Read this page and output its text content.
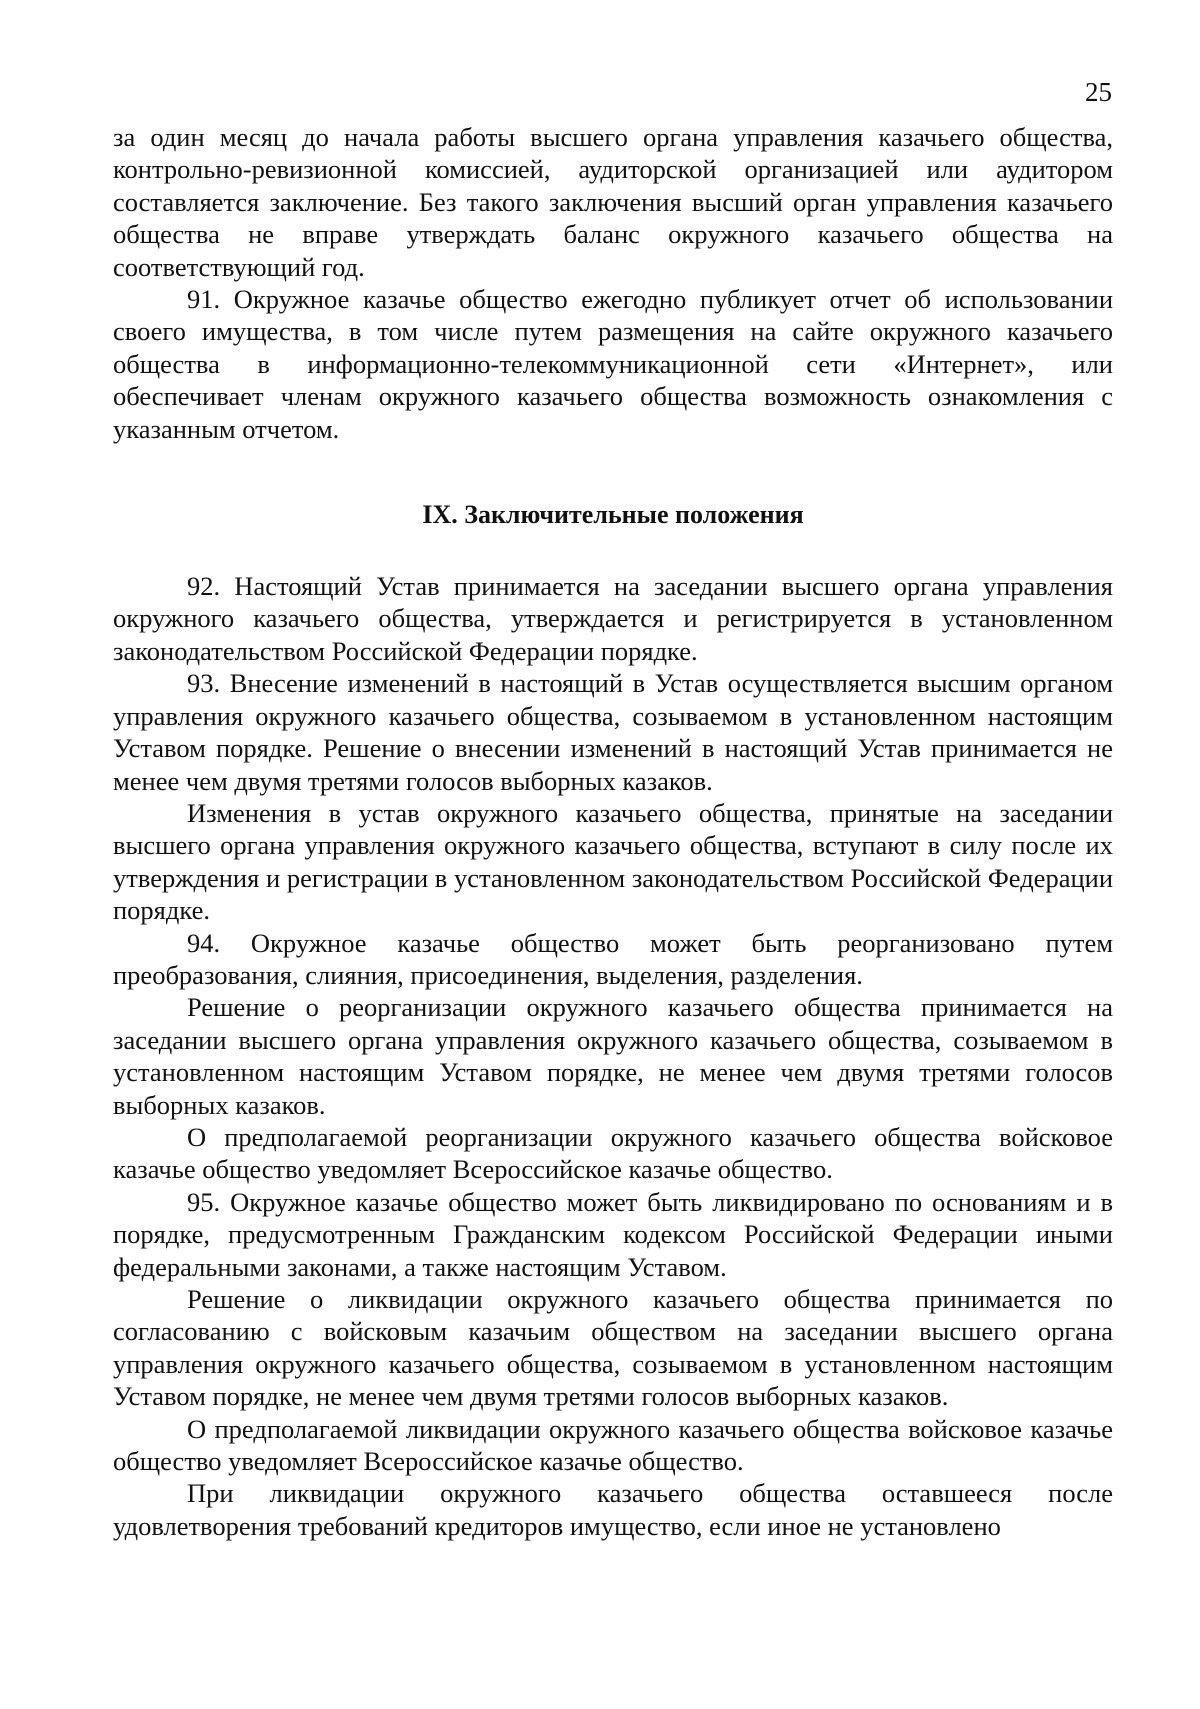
25

за один месяц до начала работы высшего органа управления казачьего общества, контрольно-ревизионной комиссией, аудиторской организацией или аудитором составляется заключение. Без такого заключения высший орган управления казачьего общества не вправе утверждать баланс окружного казачьего общества на соответствующий год.

91. Окружное казачье общество ежегодно публикует отчет об использовании своего имущества, в том числе путем размещения на сайте окружного казачьего общества в информационно-телекоммуникационной сети «Интернет», или обеспечивает членам окружного казачьего общества возможность ознакомления с указанным отчетом.

IX. Заключительные положения

92. Настоящий Устав принимается на заседании высшего органа управления окружного казачьего общества, утверждается и регистрируется в установленном законодательством Российской Федерации порядке.

93. Внесение изменений в настоящий в Устав осуществляется высшим органом управления окружного казачьего общества, созываемом в установленном настоящим Уставом порядке. Решение о внесении изменений в настоящий Устав принимается не менее чем двумя третями голосов выборных казаков.

Изменения в устав окружного казачьего общества, принятые на заседании высшего органа управления окружного казачьего общества, вступают в силу после их утверждения и регистрации в установленном законодательством Российской Федерации порядке.

94. Окружное казачье общество может быть реорганизовано путем преобразования, слияния, присоединения, выделения, разделения.

Решение о реорганизации окружного казачьего общества принимается на заседании высшего органа управления окружного казачьего общества, созываемом в установленном настоящим Уставом порядке, не менее чем двумя третями голосов выборных казаков.

О предполагаемой реорганизации окружного казачьего общества войсковое казачье общество уведомляет Всероссийское казачье общество.

95. Окружное казачье общество может быть ликвидировано по основаниям и в порядке, предусмотренным Гражданским кодексом Российской Федерации иными федеральными законами, а также настоящим Уставом.

Решение о ликвидации окружного казачьего общества принимается по согласованию с войсковым казачьим обществом на заседании высшего органа управления окружного казачьего общества, созываемом в установленном настоящим Уставом порядке, не менее чем двумя третями голосов выборных казаков.

О предполагаемой ликвидации окружного казачьего общества войсковое казачье общество уведомляет Всероссийское казачье общество.

При ликвидации окружного казачьего общества оставшееся после удовлетворения требований кредиторов имущество, если иное не установлено
